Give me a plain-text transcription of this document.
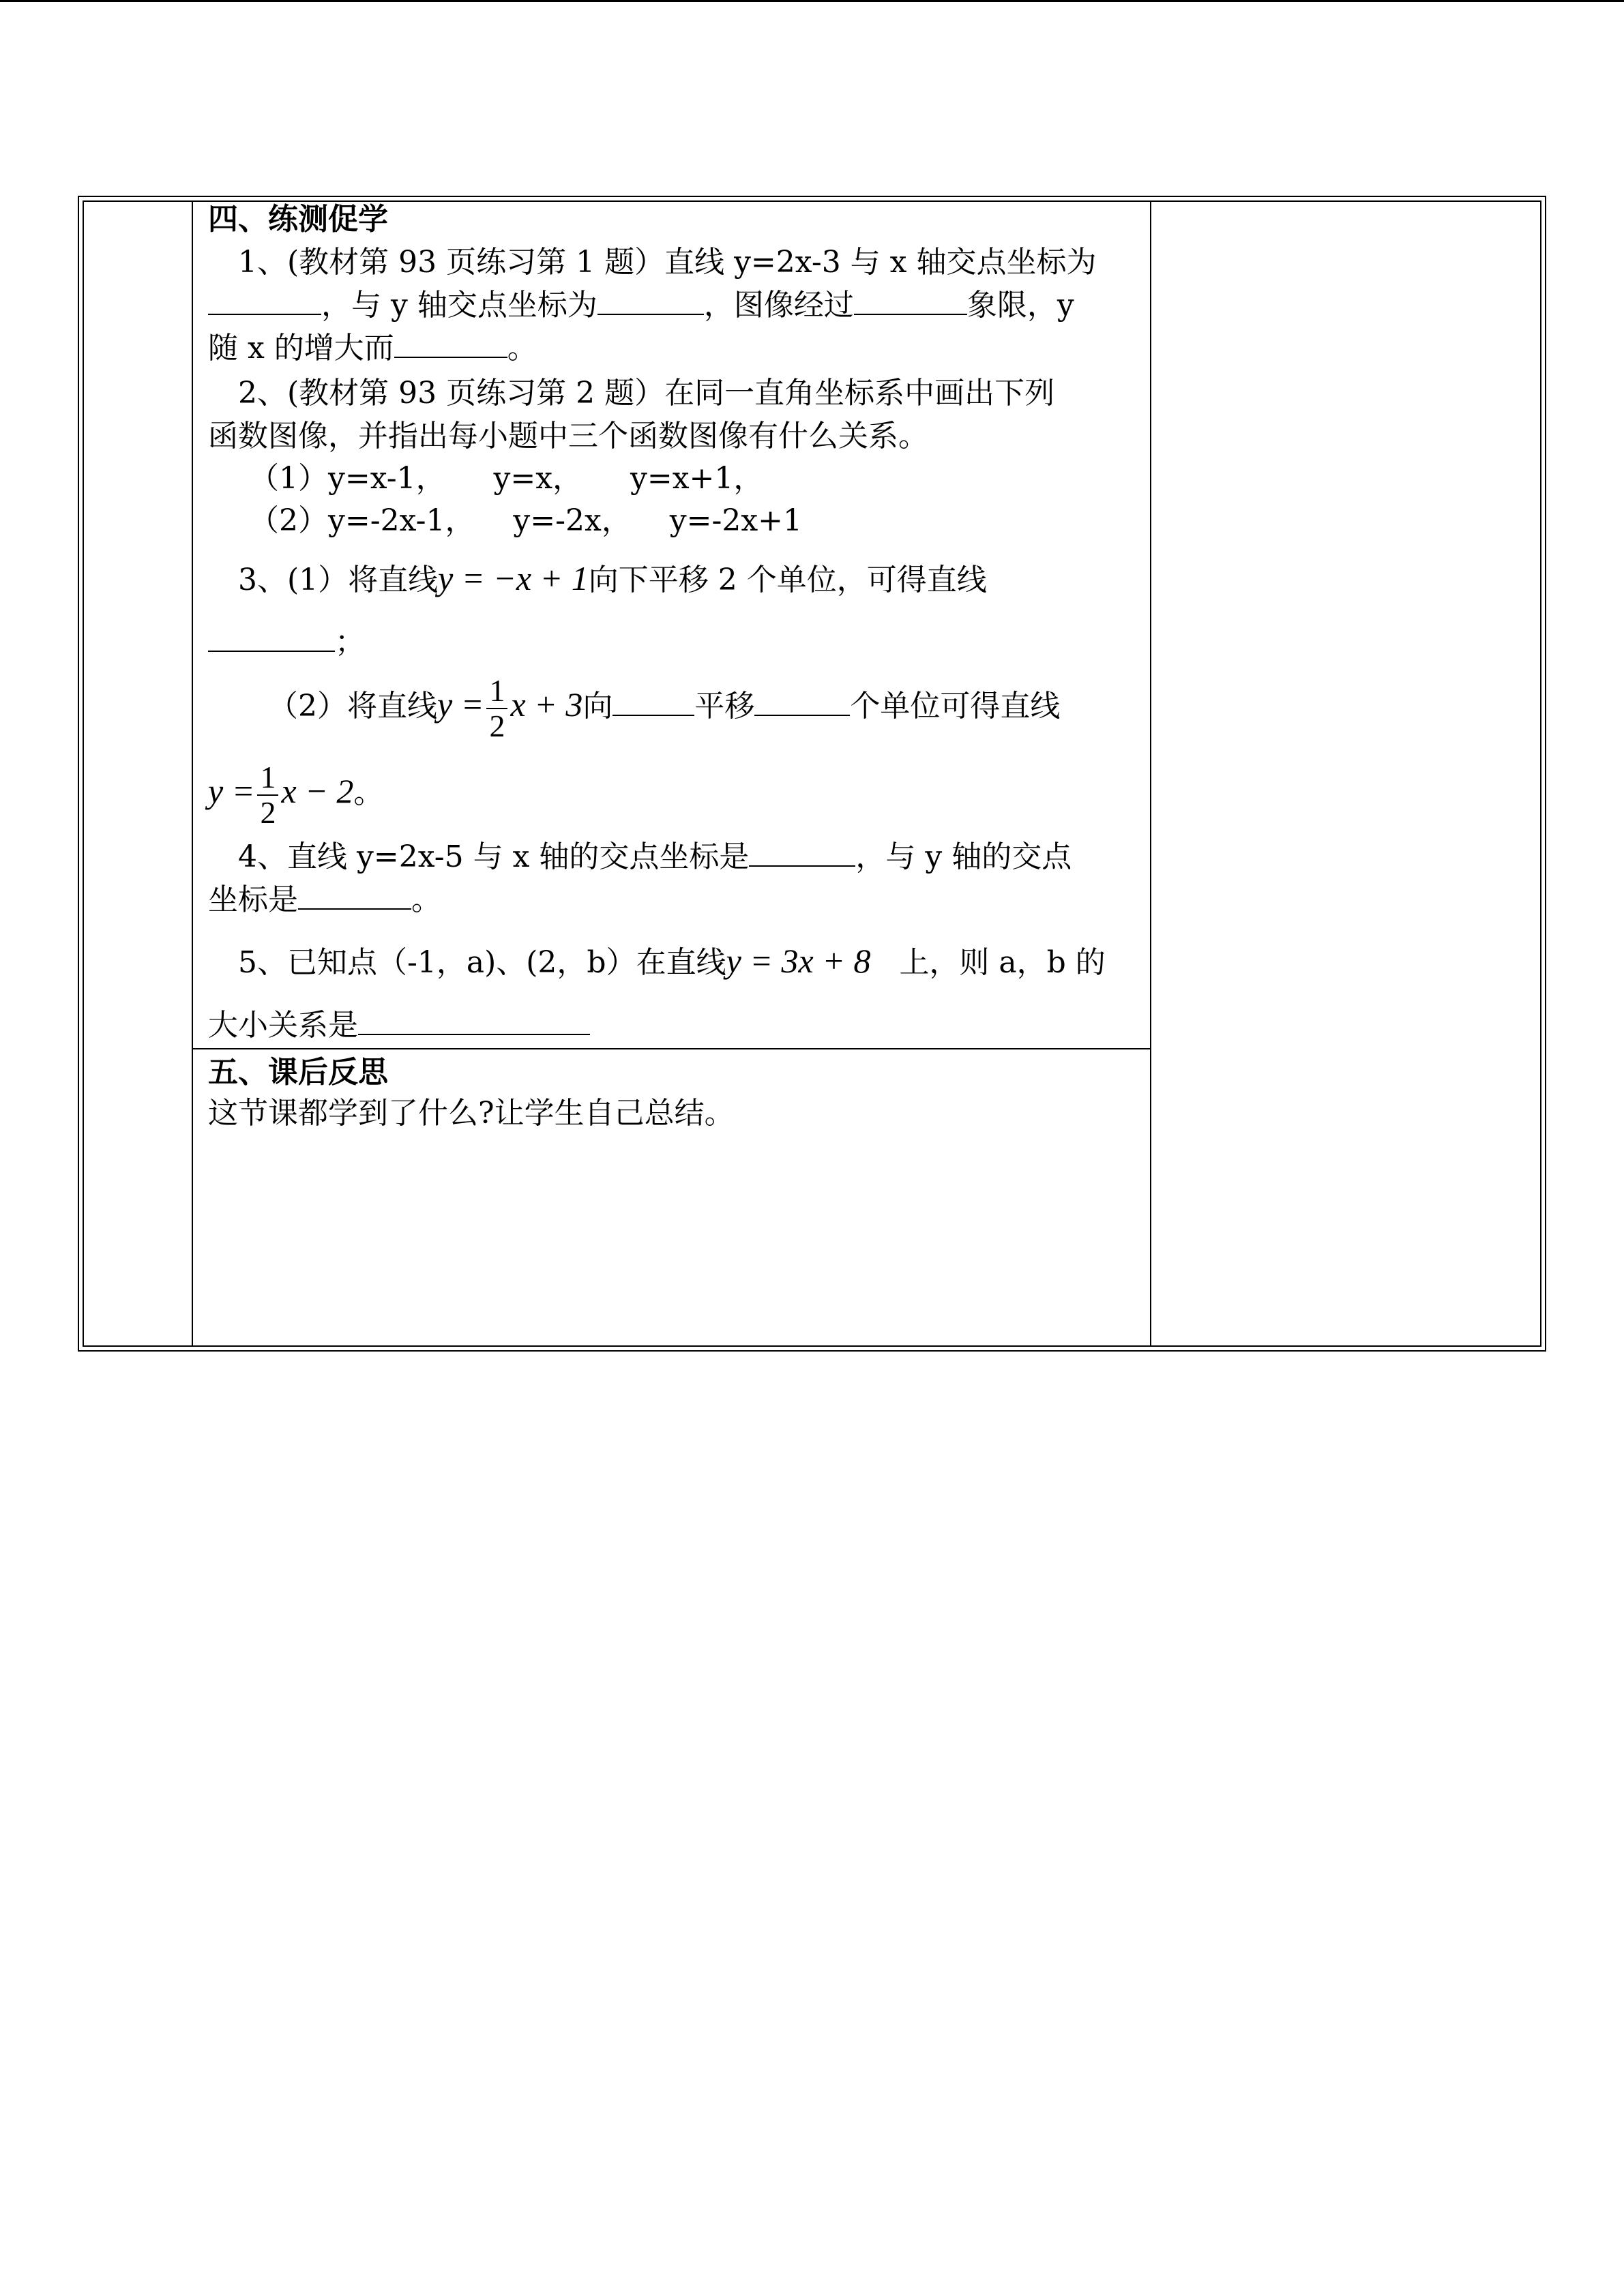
四、练测促学
1、(教材第 93 页练习第 1 题）直线 y=2x-3 与 x 轴交点坐标为
，与 y 轴交点坐标为	，图像经过	象限，y
随 x 的增大而	。
2、(教材第 93 页练习第 2 题）在同一直角坐标系中画出下列
函数图像，并指出每小题中三个函数图像有什么关系。
（1）y=x-1，     y=x，     y=x+1，
（2）y=-2x-1，    y=-2x，    y=-2x+1
3、(1）将直线y = −x + 1向下平移 2 个单位，可得直线
；
（2）将直线$y = \frac{1}{2}$ x + 3向	平移	个单位可得直线
$y = \frac{1}{2}$ x − 2。
4、直线 y=2x-5 与 x 轴的交点坐标是	，与 y 轴的交点
坐标是	。
5、已知点（-1，a)、(2，b）在直线y = 3x + 8 上，则 a，b 的
大小关系是
五、课后反思
这节课都学到了什么?让学生自己总结。
